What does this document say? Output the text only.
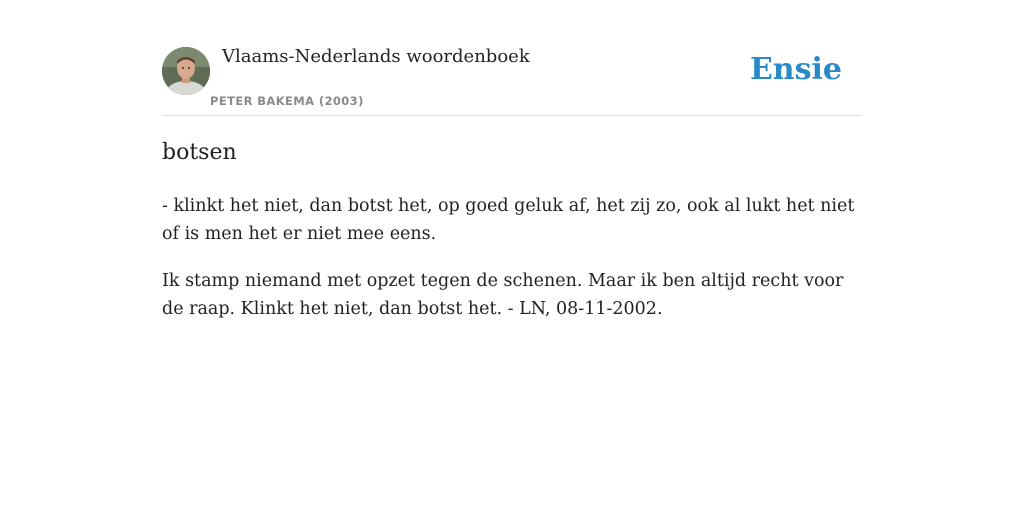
Vlaams-Nederlands woordenboek
PETER BAKEMA (2003)
Ensie
botsen
- klinkt het niet, dan botst het, op goed geluk af, het zij zo, ook al lukt het niet of is men het er niet mee eens.
Ik stamp niemand met opzet tegen de schenen. Maar ik ben altijd recht voor de raap. Klinkt het niet, dan botst het. - LN, 08-11-2002.
